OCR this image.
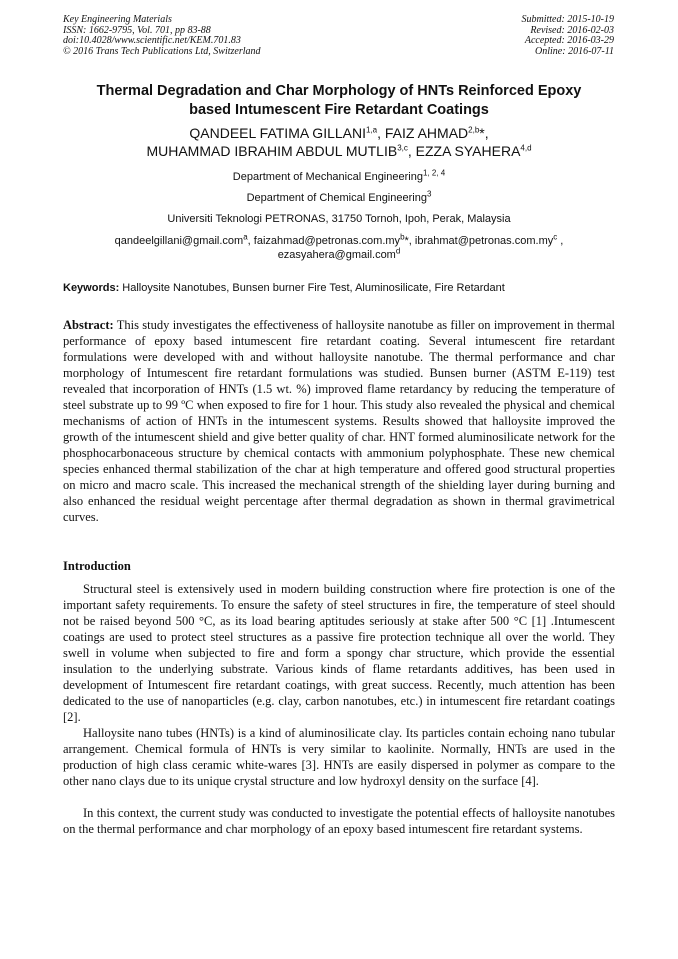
Key Engineering Materials
ISSN: 1662-9795, Vol. 701, pp 83-88
doi:10.4028/www.scientific.net/KEM.701.83
© 2016 Trans Tech Publications Ltd, Switzerland
Submitted: 2015-10-19
Revised: 2016-02-03
Accepted: 2016-03-29
Online: 2016-07-11
Thermal Degradation and Char Morphology of HNTs Reinforced Epoxy
based Intumescent Fire Retardant Coatings
QANDEEL FATIMA GILLANI$^{1,a}$, FAIZ AHMAD$^{2,b}$*,
MUHAMMAD IBRAHIM ABDUL MUTLIB$^{3,c}$, EZZA SYAHERA$^{4,d}$
Department of Mechanical Engineering$^{1, 2, 4}$
Department of Chemical Engineering$^3$
Universiti Teknologi PETRONAS, 31750 Tornoh, Ipoh, Perak, Malaysia
qandeelgillani@gmail.com$^a$, $faizahmad@petronas.com.my^b*$, $ibrahmat@petronas.com.my^c$ ,
ezasyahera@gmail.com$^d$
Keywords: Halloysite Nanotubes, Bunsen burner Fire Test, Aluminosilicate, Fire Retardant
Abstract: This study investigates the effectiveness of halloysite nanotube as filler on improvement in thermal performance of epoxy based intumescent fire retardant coating. Several intumescent fire retardant formulations were developed with and without halloysite nanotube. The thermal performance and char morphology of Intumescent fire retardant formulations was studied. Bunsen burner (ASTM E-119) test revealed that incorporation of HNTs (1.5 wt. %) improved flame retardancy by reducing the temperature of steel substrate up to 99 ºC when exposed to fire for 1 hour. This study also revealed the physical and chemical mechanisms of action of HNTs in the intumescent systems. Results showed that halloysite improved the growth of the intumescent shield and give better quality of char. HNT formed aluminosilicate network for the phosphocarbonaceous structure by chemical contacts with ammonium polyphosphate. These new chemical species enhanced thermal stabilization of the char at high temperature and offered good structural properties on micro and macro scale. This increased the mechanical strength of the shielding layer during burning and also enhanced the residual weight percentage after thermal degradation as shown in thermal gravimetrical curves.
Introduction
Structural steel is extensively used in modern building construction where fire protection is one of the important safety requirements. To ensure the safety of steel structures in fire, the temperature of steel should not be raised beyond 500 °C, as its load bearing aptitudes seriously at stake after 500 °C [1] .Intumescent coatings are used to protect steel structures as a passive fire protection technique all over the world. They swell in volume when subjected to fire and form a spongy char structure, which provide the essential insulation to the underlying substrate. Various kinds of flame retardants additives, has been used in development of Intumescent fire retardant coatings, with great success. Recently, much attention has been dedicated to the use of nanoparticles (e.g. clay, carbon nanotubes, etc.) in intumescent fire retardant coatings [2].
Halloysite nano tubes (HNTs) is a kind of aluminosilicate clay. Its particles contain echoing nano tubular arrangement. Chemical formula of HNTs is very similar to kaolinite. Normally, HNTs are used in the production of high class ceramic white-wares [3]. HNTs are easily dispersed in polymer as compare to the other nano clays due to its unique crystal structure and low hydroxyl density on the surface [4].
In this context, the current study was conducted to investigate the potential effects of halloysite nanotubes on the thermal performance and char morphology of an epoxy based intumescent fire retardant systems.
